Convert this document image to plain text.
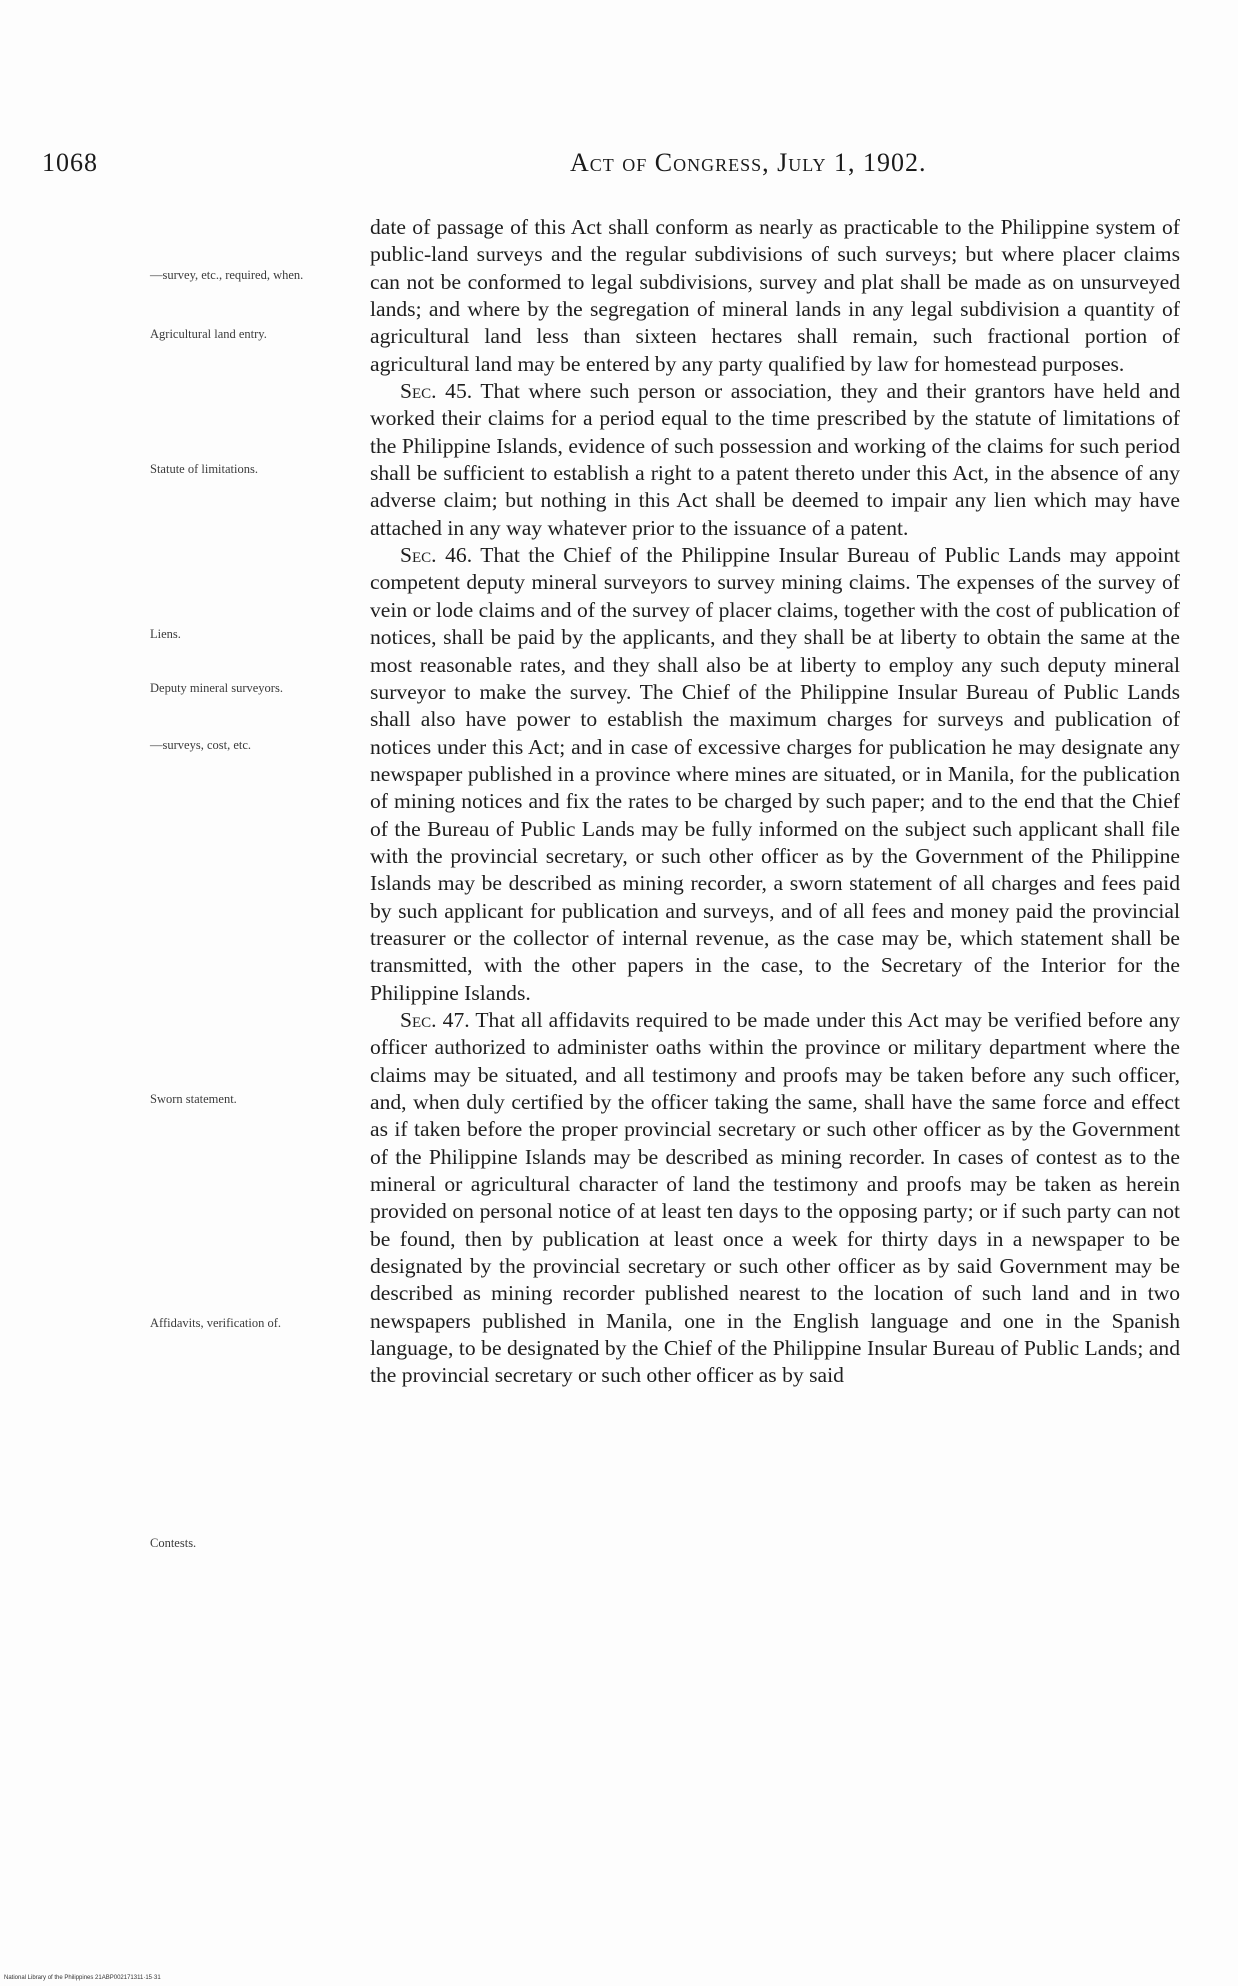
1068	Act of Congress, July 1, 1902.
—survey, etc., required, when.
Agricultural land entry.
Statute of limitations.
Liens.
Deputy mineral surveyors.
—surveys, cost, etc.
Sworn statement.
Affidavits, verification of.
Contests.

date of passage of this Act shall conform as nearly as practicable to the Philippine system of public-land surveys and the regular subdivisions of such surveys; but where placer claims can not be conformed to legal subdivisions, survey and plat shall be made as on unsurveyed lands; and where by the segregation of mineral lands in any legal subdivision a quantity of agricultural land less than sixteen hectares shall remain, such fractional portion of agricultural land may be entered by any party qualified by law for homestead purposes.

Sec. 45. That where such person or association, they and their grantors have held and worked their claims for a period equal to the time prescribed by the statute of limitations of the Philippine Islands, evidence of such possession and working of the claims for such period shall be sufficient to establish a right to a patent thereto under this Act, in the absence of any adverse claim; but nothing in this Act shall be deemed to impair any lien which may have attached in any way whatever prior to the issuance of a patent.

Sec. 46. That the Chief of the Philippine Insular Bureau of Public Lands may appoint competent deputy mineral surveyors to survey mining claims. The expenses of the survey of vein or lode claims and of the survey of placer claims, together with the cost of publication of notices, shall be paid by the applicants, and they shall be at liberty to obtain the same at the most reasonable rates, and they shall also be at liberty to employ any such deputy mineral surveyor to make the survey. The Chief of the Philippine Insular Bureau of Public Lands shall also have power to establish the maximum charges for surveys and publication of notices under this Act; and in case of excessive charges for publication he may designate any newspaper published in a province where mines are situated, or in Manila, for the publication of mining notices and fix the rates to be charged by such paper; and to the end that the Chief of the Bureau of Public Lands may be fully informed on the subject such applicant shall file with the provincial secretary, or such other officer as by the Government of the Philippine Islands may be described as mining recorder, a sworn statement of all charges and fees paid by such applicant for publication and surveys, and of all fees and money paid the provincial treasurer or the collector of internal revenue, as the case may be, which statement shall be transmitted, with the other papers in the case, to the Secretary of the Interior for the Philippine Islands.

Sec. 47. That all affidavits required to be made under this Act may be verified before any officer authorized to administer oaths within the province or military department where the claims may be situated, and all testimony and proofs may be taken before any such officer, and, when duly certified by the officer taking the same, shall have the same force and effect as if taken before the proper provincial secretary or such other officer as by the Government of the Philippine Islands may be described as mining recorder. In cases of contest as to the mineral or agricultural character of land the testimony and proofs may be taken as herein provided on personal notice of at least ten days to the opposing party; or if such party can not be found, then by publication at least once a week for thirty days in a newspaper to be designated by the provincial secretary or such other officer as by said Government may be described as mining recorder published nearest to the location of such land and in two newspapers published in Manila, one in the English language and one in the Spanish language, to be designated by the Chief of the Philippine Insular Bureau of Public Lands; and the provincial secretary or such other officer as by said

National Library of the Philippines 21ABP002171311·15·31
